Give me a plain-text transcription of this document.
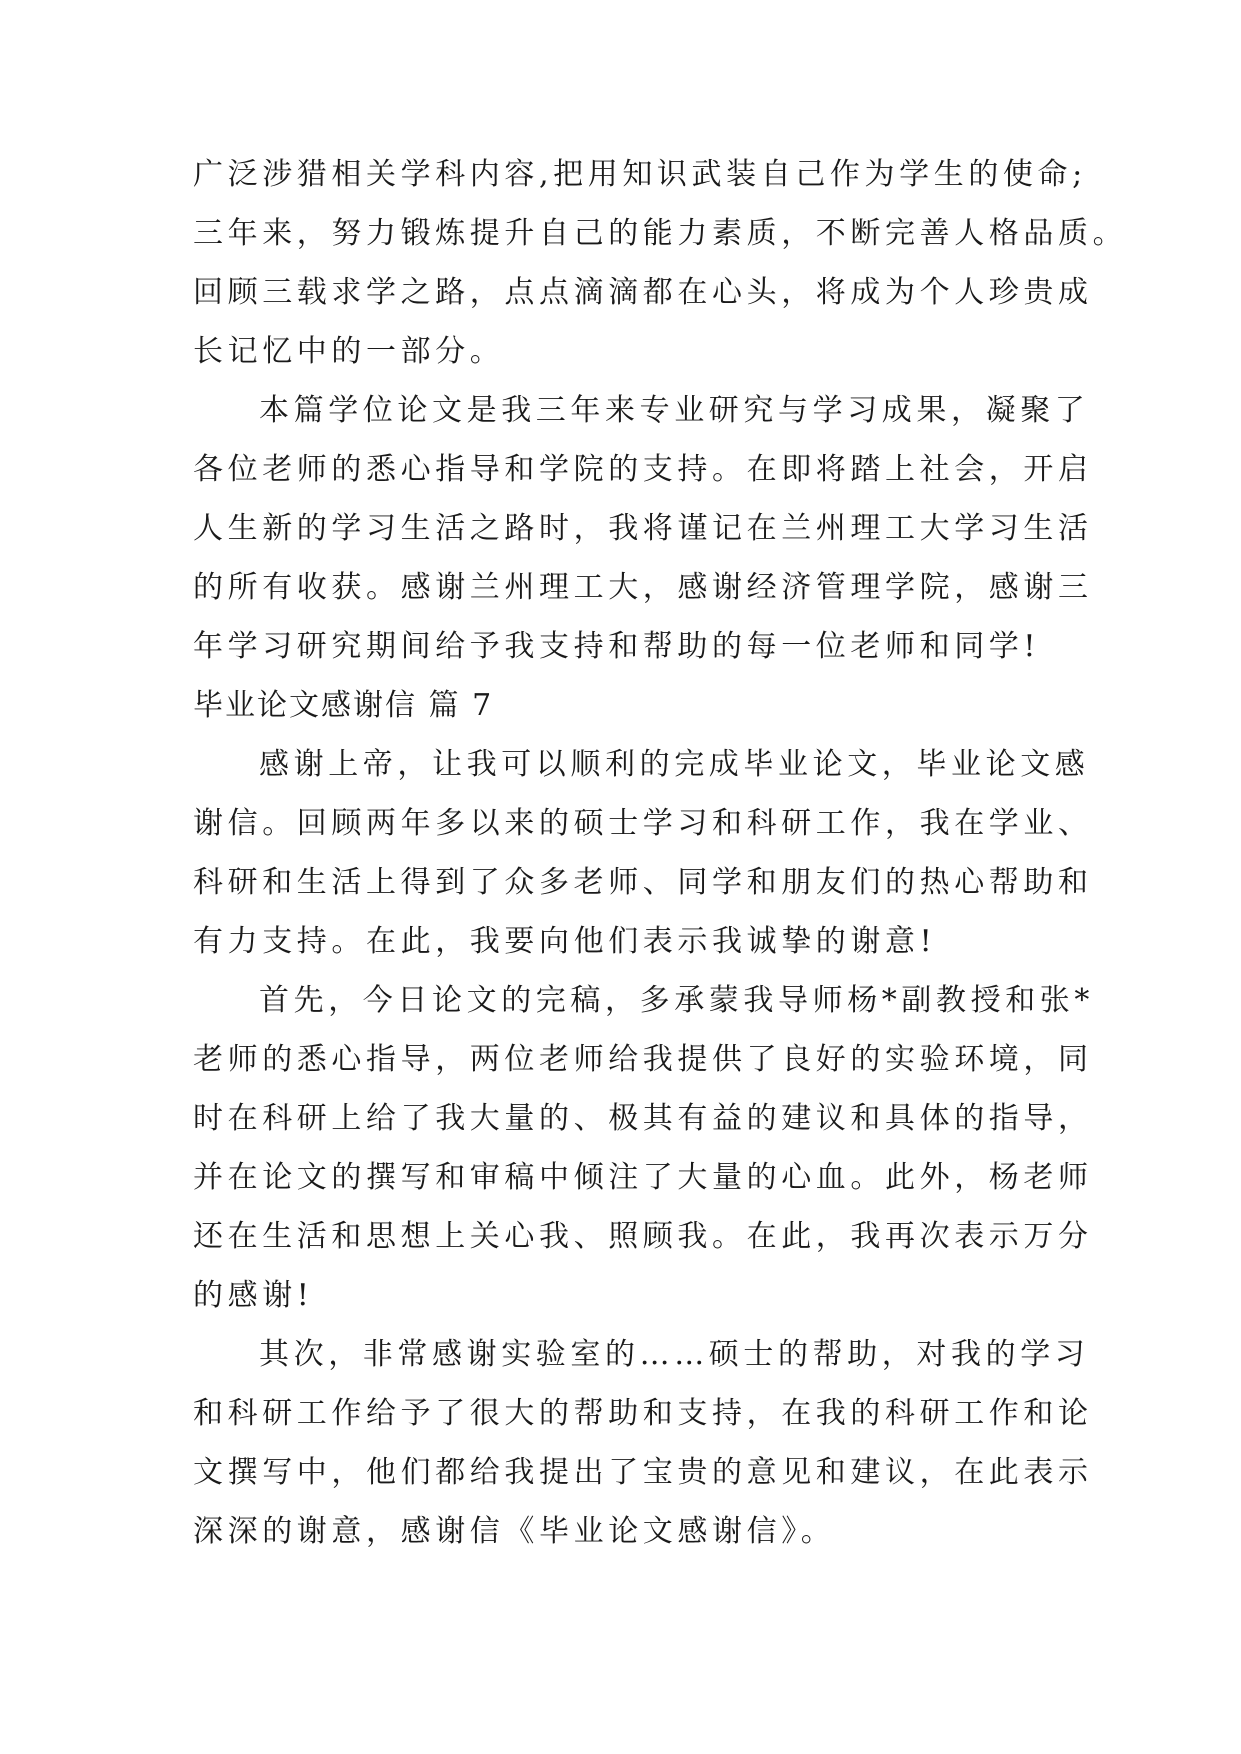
广泛涉猎相关学科内容,把用知识武装自己作为学生的使命;
三年来，努力锻炼提升自己的能力素质，不断完善人格品质。
回顾三载求学之路，点点滴滴都在心头，将成为个人珍贵成
长记忆中的一部分。
本篇学位论文是我三年来专业研究与学习成果，凝聚了
各位老师的悉心指导和学院的支持。在即将踏上社会，开启
人生新的学习生活之路时，我将谨记在兰州理工大学习生活
的所有收获。感谢兰州理工大，感谢经济管理学院，感谢三
年学习研究期间给予我支持和帮助的每一位老师和同学!
毕业论文感谢信 篇 7
感谢上帝，让我可以顺利的完成毕业论文，毕业论文感
谢信。回顾两年多以来的硕士学习和科研工作，我在学业、
科研和生活上得到了众多老师、同学和朋友们的热心帮助和
有力支持。在此，我要向他们表示我诚挚的谢意!
首先，今日论文的完稿，多承蒙我导师杨*副教授和张*
老师的悉心指导，两位老师给我提供了良好的实验环境，同
时在科研上给了我大量的、极其有益的建议和具体的指导，
并在论文的撰写和审稿中倾注了大量的心血。此外，杨老师
还在生活和思想上关心我、照顾我。在此，我再次表示万分
的感谢!
其次，非常感谢实验室的……硕士的帮助，对我的学习
和科研工作给予了很大的帮助和支持，在我的科研工作和论
文撰写中，他们都给我提出了宝贵的意见和建议，在此表示
深深的谢意，感谢信《毕业论文感谢信》。
